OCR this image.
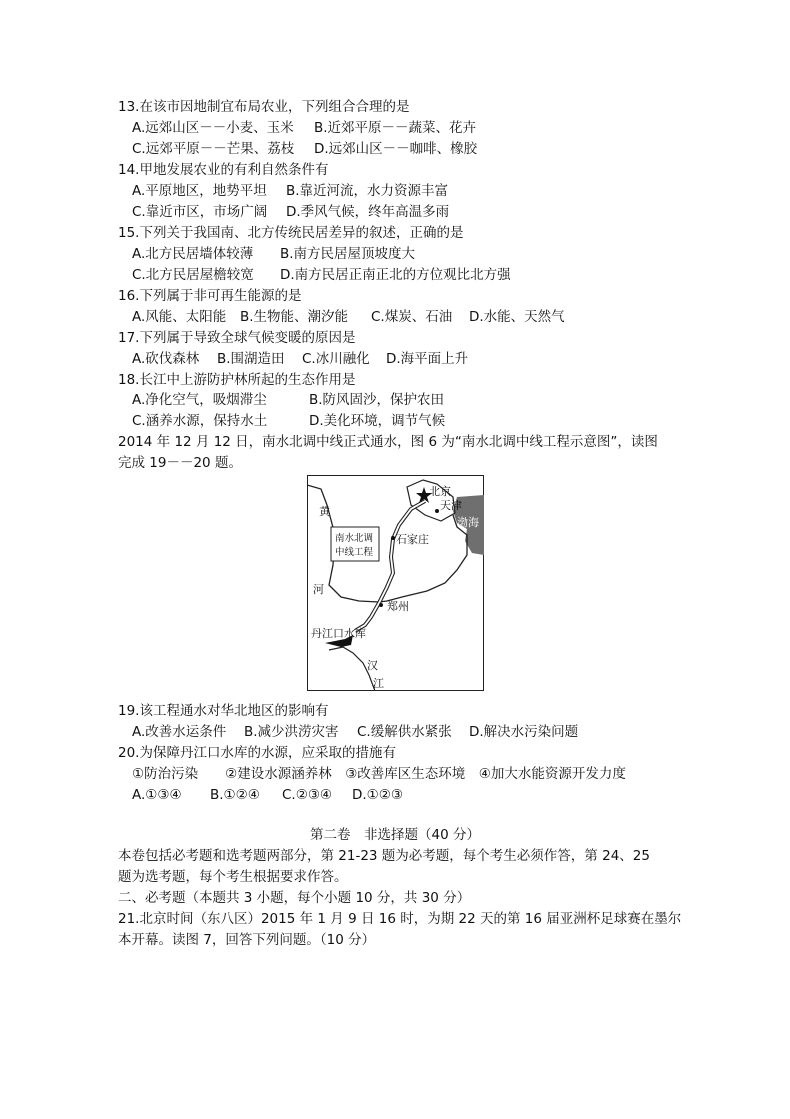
13.在该市因地制宜布局农业，下列组合合理的是
A.远郊山区－－小麦、玉米 B.近郊平原－－蔬菜、花卉
C.远郊平原－－芒果、荔枝 D.远郊山区－－咖啡、橡胶
14.甲地发展农业的有利自然条件有
A.平原地区，地势平坦 B.靠近河流，水力资源丰富
C.靠近市区，市场广阔 D.季风气候，终年高温多雨
15.下列关于我国南、北方传统民居差异的叙述，正确的是
A.北方民居墙体较薄 B.南方民居屋顶坡度大
C.北方民居屋檐较宽 D.南方民居正南正北的方位观比北方强
16.下列属于非可再生能源的是
A.风能、太阳能 B.生物能、潮汐能 C.煤炭、石油 D.水能、天然气
17.下列属于导致全球气候变暖的原因是
A.砍伐森林 B.围湖造田 C.冰川融化 D.海平面上升
18.长江中上游防护林所起的生态作用是
A.净化空气，吸烟滞尘	B.防风固沙，保护农田
C.涵养水源，保持水土	D.美化环境，调节气候
2014 年 12 月 12 日，南水北调中线正式通水，图 6 为“南水北调中线工程示意图”，读图
完成 19－－20 题。
南水北调
中线工程
北京
天津
渤海
石家庄
郑州
丹江口水库
黄
河
汉
江
19.该工程通水对华北地区的影响有
A.改善水运条件 B.减少洪涝灾害 C.缓解供水紧张 D.解决水污染问题
20.为保障丹江口水库的水源，应采取的措施有
①防治污染　　②建设水源涵养林　③改善库区生态环境　④加大水能资源开发力度
A.①③④ B.①②④ C.②③④ D.①②③
第二卷　非选择题（40 分）
本卷包括必考题和选考题两部分，第 21-23 题为必考题，每个考生必须作答，第 24、25
题为选考题，每个考生根据要求作答。
二、必考题（本题共 3 小题，每个小题 10 分，共 30 分）
21.北京时间（东八区）2015 年 1 月 9 日 16 时，为期 22 天的第 16 届亚洲杯足球赛在墨尔
本开幕。读图 7，回答下列问题。（10 分）
